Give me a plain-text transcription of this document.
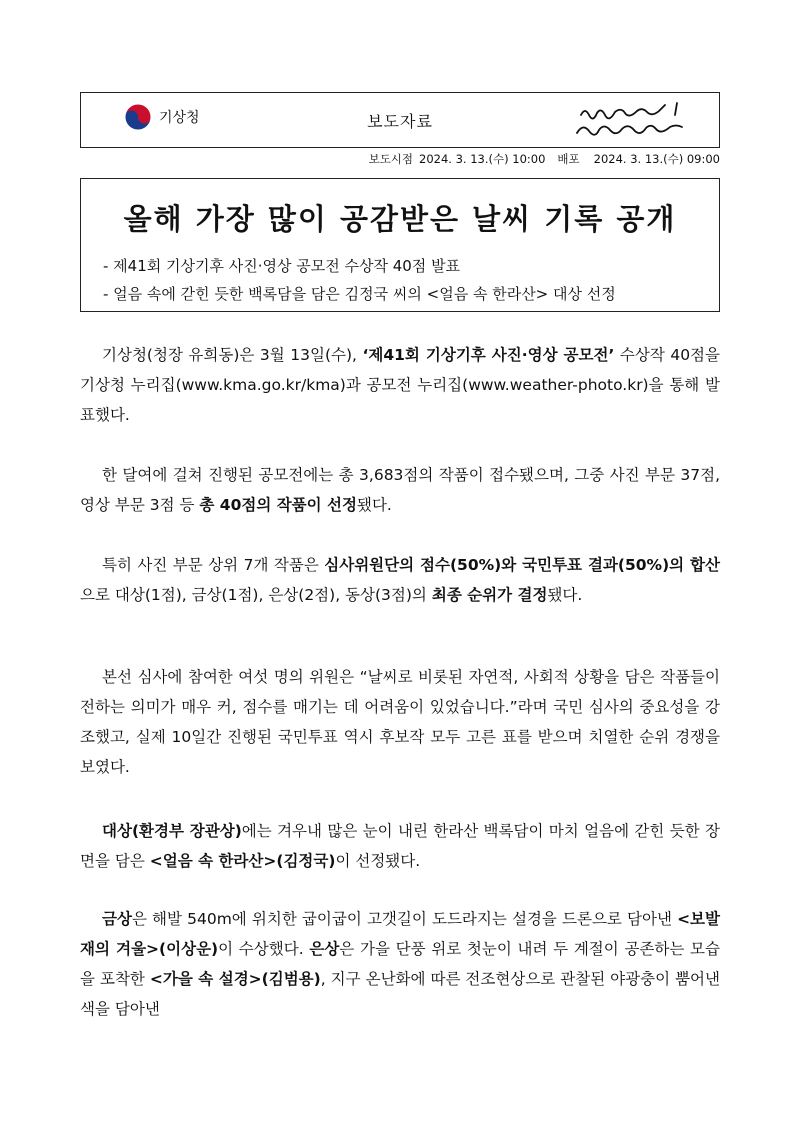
기상청	보도자료
보도시점 2024. 3. 13.(수) 10:00 배포 2024. 3. 13.(수) 09:00
올해 가장 많이 공감받은 날씨 기록 공개
- 제41회 기상기후 사진·영상 공모전 수상작 40점 발표
- 얼음 속에 갇힌 듯한 백록담을 담은 김정국 씨의 <얼음 속 한라산> 대상 선정
기상청(청장 유희동)은 3월 13일(수), ‘제41회 기상기후 사진·영상 공모전’ 수상작 40점을 기상청 누리집(www.kma.go.kr/kma)과 공모전 누리집(www.weather-photo.kr)을 통해 발표했다.
한 달여에 걸쳐 진행된 공모전에는 총 3,683점의 작품이 접수됐으며, 그중 사진 부문 37점, 영상 부문 3점 등 총 40점의 작품이 선정됐다.
특히 사진 부문 상위 7개 작품은 심사위원단의 점수(50%)와 국민투표 결과(50%)의 합산으로 대상(1점), 금상(1점), 은상(2점), 동상(3점)의 최종 순위가 결정됐다.
본선 심사에 참여한 여섯 명의 위원은 “날씨로 비롯된 자연적, 사회적 상황을 담은 작품들이 전하는 의미가 매우 커, 점수를 매기는 데 어려움이 있었습니다.”라며 국민 심사의 중요성을 강조했고, 실제 10일간 진행된 국민투표 역시 후보작 모두 고른 표를 받으며 치열한 순위 경쟁을 보였다.
대상(환경부 장관상)에는 겨우내 많은 눈이 내린 한라산 백록담이 마치 얼음에 갇힌 듯한 장면을 담은 <얼음 속 한라산>(김정국)이 선정됐다.
금상은 해발 540m에 위치한 굽이굽이 고갯길이 도드라지는 설경을 드론으로 담아낸 <보발재의 겨울>(이상운)이 수상했다. 은상은 가을 단풍 위로 첫눈이 내려 두 계절이 공존하는 모습을 포착한 <가을 속 설경>(김범용), 지구 온난화에 따른 전조현상으로 관찰된 야광충이 뿜어낸 색을 담아낸
